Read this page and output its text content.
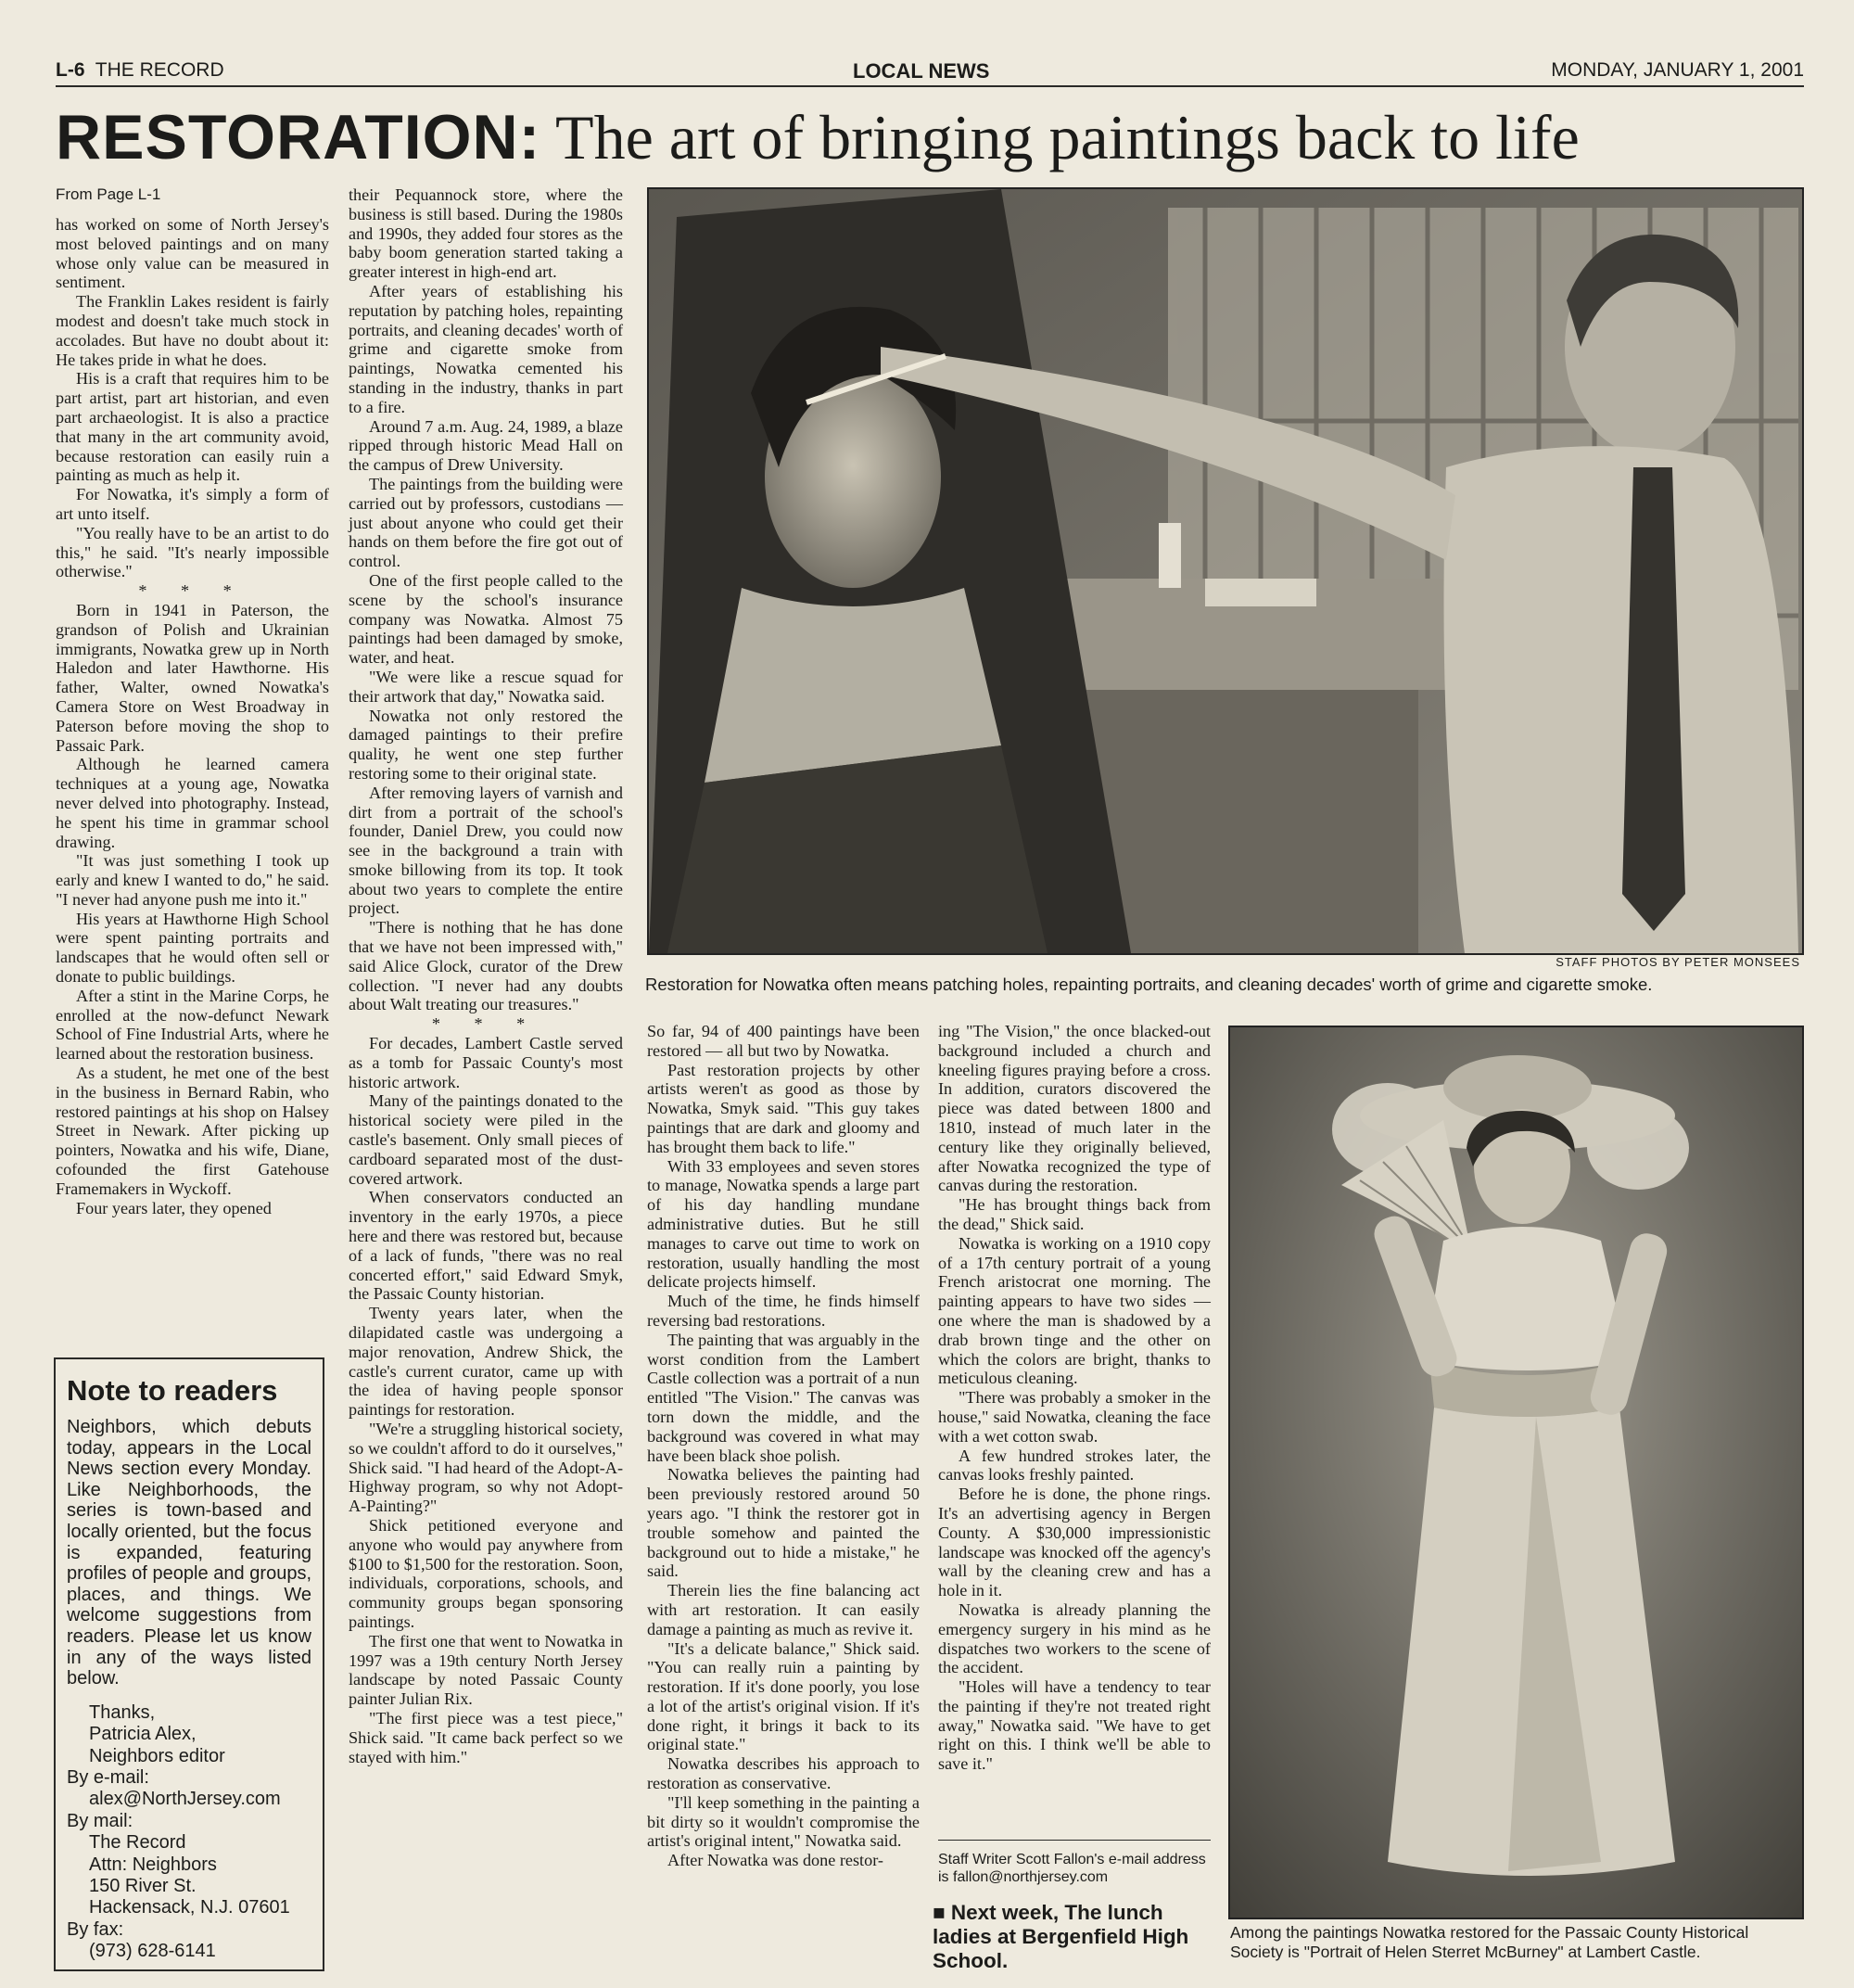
L-6 THE RECORD	LOCAL NEWS	MONDAY, JANUARY 1, 2001
RESTORATION: The art of bringing paintings back to life
From Page L-1

has worked on some of North Jersey's most beloved paintings and on many whose only value can be measured in sentiment.

The Franklin Lakes resident is fairly modest and doesn't take much stock in accolades. But have no doubt about it: He takes pride in what he does.

His is a craft that requires him to be part artist, part art historian, and even part archaeologist. It is also a practice that many in the art community avoid, because restoration can easily ruin a painting as much as help it.

For Nowatka, it's simply a form of art unto itself.

"You really have to be an artist to do this," he said. "It's nearly impossible otherwise."

* * *

Born in 1941 in Paterson, the grandson of Polish and Ukrainian immigrants, Nowatka grew up in North Haledon and later Hawthorne. His father, Walter, owned Nowatka's Camera Store on West Broadway in Paterson before moving the shop to Passaic Park.

Although he learned camera techniques at a young age, Nowatka never delved into photography. Instead, he spent his time in grammar school drawing.

"It was just something I took up early and knew I wanted to do," he said. "I never had anyone push me into it."

His years at Hawthorne High School were spent painting portraits and landscapes that he would often sell or donate to public buildings.

After a stint in the Marine Corps, he enrolled at the now-defunct Newark School of Fine Industrial Arts, where he learned about the restoration business.

As a student, he met one of the best in the business in Bernard Rabin, who restored paintings at his shop on Halsey Street in Newark. After picking up pointers, Nowatka and his wife, Diane, cofounded the first Gatehouse Framemakers in Wyckoff.

Four years later, they opened

their Pequannock store, where the business is still based. During the 1980s and 1990s, they added four stores as the baby boom generation started taking a greater interest in high-end art.

After years of establishing his reputation by patching holes, repainting portraits, and cleaning decades' worth of grime and cigarette smoke from paintings, Nowatka cemented his standing in the industry, thanks in part to a fire.

Around 7 a.m. Aug. 24, 1989, a blaze ripped through historic Mead Hall on the campus of Drew University.

The paintings from the building were carried out by professors, custodians — just about anyone who could get their hands on them before the fire got out of control.

One of the first people called to the scene by the school's insurance company was Nowatka. Almost 75 paintings had been damaged by smoke, water, and heat.

"We were like a rescue squad for their artwork that day," Nowatka said.

Nowatka not only restored the damaged paintings to their prefire quality, he went one step further restoring some to their original state.

After removing layers of varnish and dirt from a portrait of the school's founder, Daniel Drew, you could now see in the background a train with smoke billowing from its top. It took about two years to complete the entire project.

"There is nothing that he has done that we have not been impressed with," said Alice Glock, curator of the Drew collection. "I never had any doubts about Walt treating our treasures."

* * *

For decades, Lambert Castle served as a tomb for Passaic County's most historic artwork.

Many of the paintings donated to the historical society were piled in the castle's basement. Only small pieces of cardboard separated most of the dust-covered artwork.

When conservators conducted an inventory in the early 1970s, a piece here and there was restored but, because of a lack of funds, "there was no real concerted effort," said Edward Smyk, the Passaic County historian.

Twenty years later, when the dilapidated castle was undergoing a major renovation, Andrew Shick, the castle's current curator, came up with the idea of having people sponsor paintings for restoration.

"We're a struggling historical society, so we couldn't afford to do it ourselves," Shick said. "I had heard of the Adopt-A-Highway program, so why not Adopt-A-Painting?"

Shick petitioned everyone and anyone who would pay anywhere from $100 to $1,500 for the restoration. Soon, individuals, corporations, schools, and community groups began sponsoring paintings.

The first one that went to Nowatka in 1997 was a 19th century North Jersey landscape by noted Passaic County painter Julian Rix.

"The first piece was a test piece," Shick said. "It came back perfect so we stayed with him."

STAFF PHOTOS BY PETER MONSEES
Restoration for Nowatka often means patching holes, repainting portraits, and cleaning decades' worth of grime and cigarette smoke.

So far, 94 of 400 paintings have been restored — all but two by Nowatka.

Past restoration projects by other artists weren't as good as those by Nowatka, Smyk said. "This guy takes paintings that are dark and gloomy and has brought them back to life."

With 33 employees and seven stores to manage, Nowatka spends a large part of his day handling mundane administrative duties. But he still manages to carve out time to work on restoration, usually handling the most delicate projects himself.

Much of the time, he finds himself reversing bad restorations.

The painting that was arguably in the worst condition from the Lambert Castle collection was a portrait of a nun entitled "The Vision." The canvas was torn down the middle, and the background was covered in what may have been black shoe polish.

Nowatka believes the painting had been previously restored around 50 years ago. "I think the restorer got in trouble somehow and painted the background out to hide a mistake," he said.

Therein lies the fine balancing act with art restoration. It can easily damage a painting as much as revive it.

"It's a delicate balance," Shick said. "You can really ruin a painting by restoration. If it's done poorly, you lose a lot of the artist's original vision. If it's done right, it brings it back to its original state."

Nowatka describes his approach to restoration as conservative.

"I'll keep something in the painting a bit dirty so it wouldn't compromise the artist's original intent," Nowatka said.

After Nowatka was done restor-

ing "The Vision," the once blacked-out background included a church and kneeling figures praying before a cross. In addition, curators discovered the piece was dated between 1800 and 1810, instead of much later in the century like they originally believed, after Nowatka recognized the type of canvas during the restoration.

"He has brought things back from the dead," Shick said.

Nowatka is working on a 1910 copy of a 17th century portrait of a young French aristocrat one morning. The painting appears to have two sides — one where the man is shadowed by a drab brown tinge and the other on which the colors are bright, thanks to meticulous cleaning.

"There was probably a smoker in the house," said Nowatka, cleaning the face with a wet cotton swab.

A few hundred strokes later, the canvas looks freshly painted.

Before he is done, the phone rings. It's an advertising agency in Bergen County. A $30,000 impressionistic landscape was knocked off the agency's wall by the cleaning crew and has a hole in it.

Nowatka is already planning the emergency surgery in his mind as he dispatches two workers to the scene of the accident.

"Holes will have a tendency to tear the painting if they're not treated right away," Nowatka said. "We have to get right on this. I think we'll be able to save it."

Staff Writer Scott Fallon's e-mail address is fallon@northjersey.com
■ Next week, The lunch ladies at Bergenfield High School.
Among the paintings Nowatka restored for the Passaic County Historical Society is "Portrait of Helen Sterret McBurney" at Lambert Castle.
Note to readers
Neighbors, which debuts today, appears in the Local News section every Monday. Like Neighborhoods, the series is town-based and locally oriented, but the focus is expanded, featuring profiles of people and groups, places, and things. We welcome suggestions from readers. Please let us know in any of the ways listed below.
Thanks,
Patricia Alex,
Neighbors editor
By e-mail:
alex@NorthJersey.com
By mail:
The Record
Attn: Neighbors
150 River St.
Hackensack, N.J. 07601
By fax:
(973) 628-6141
